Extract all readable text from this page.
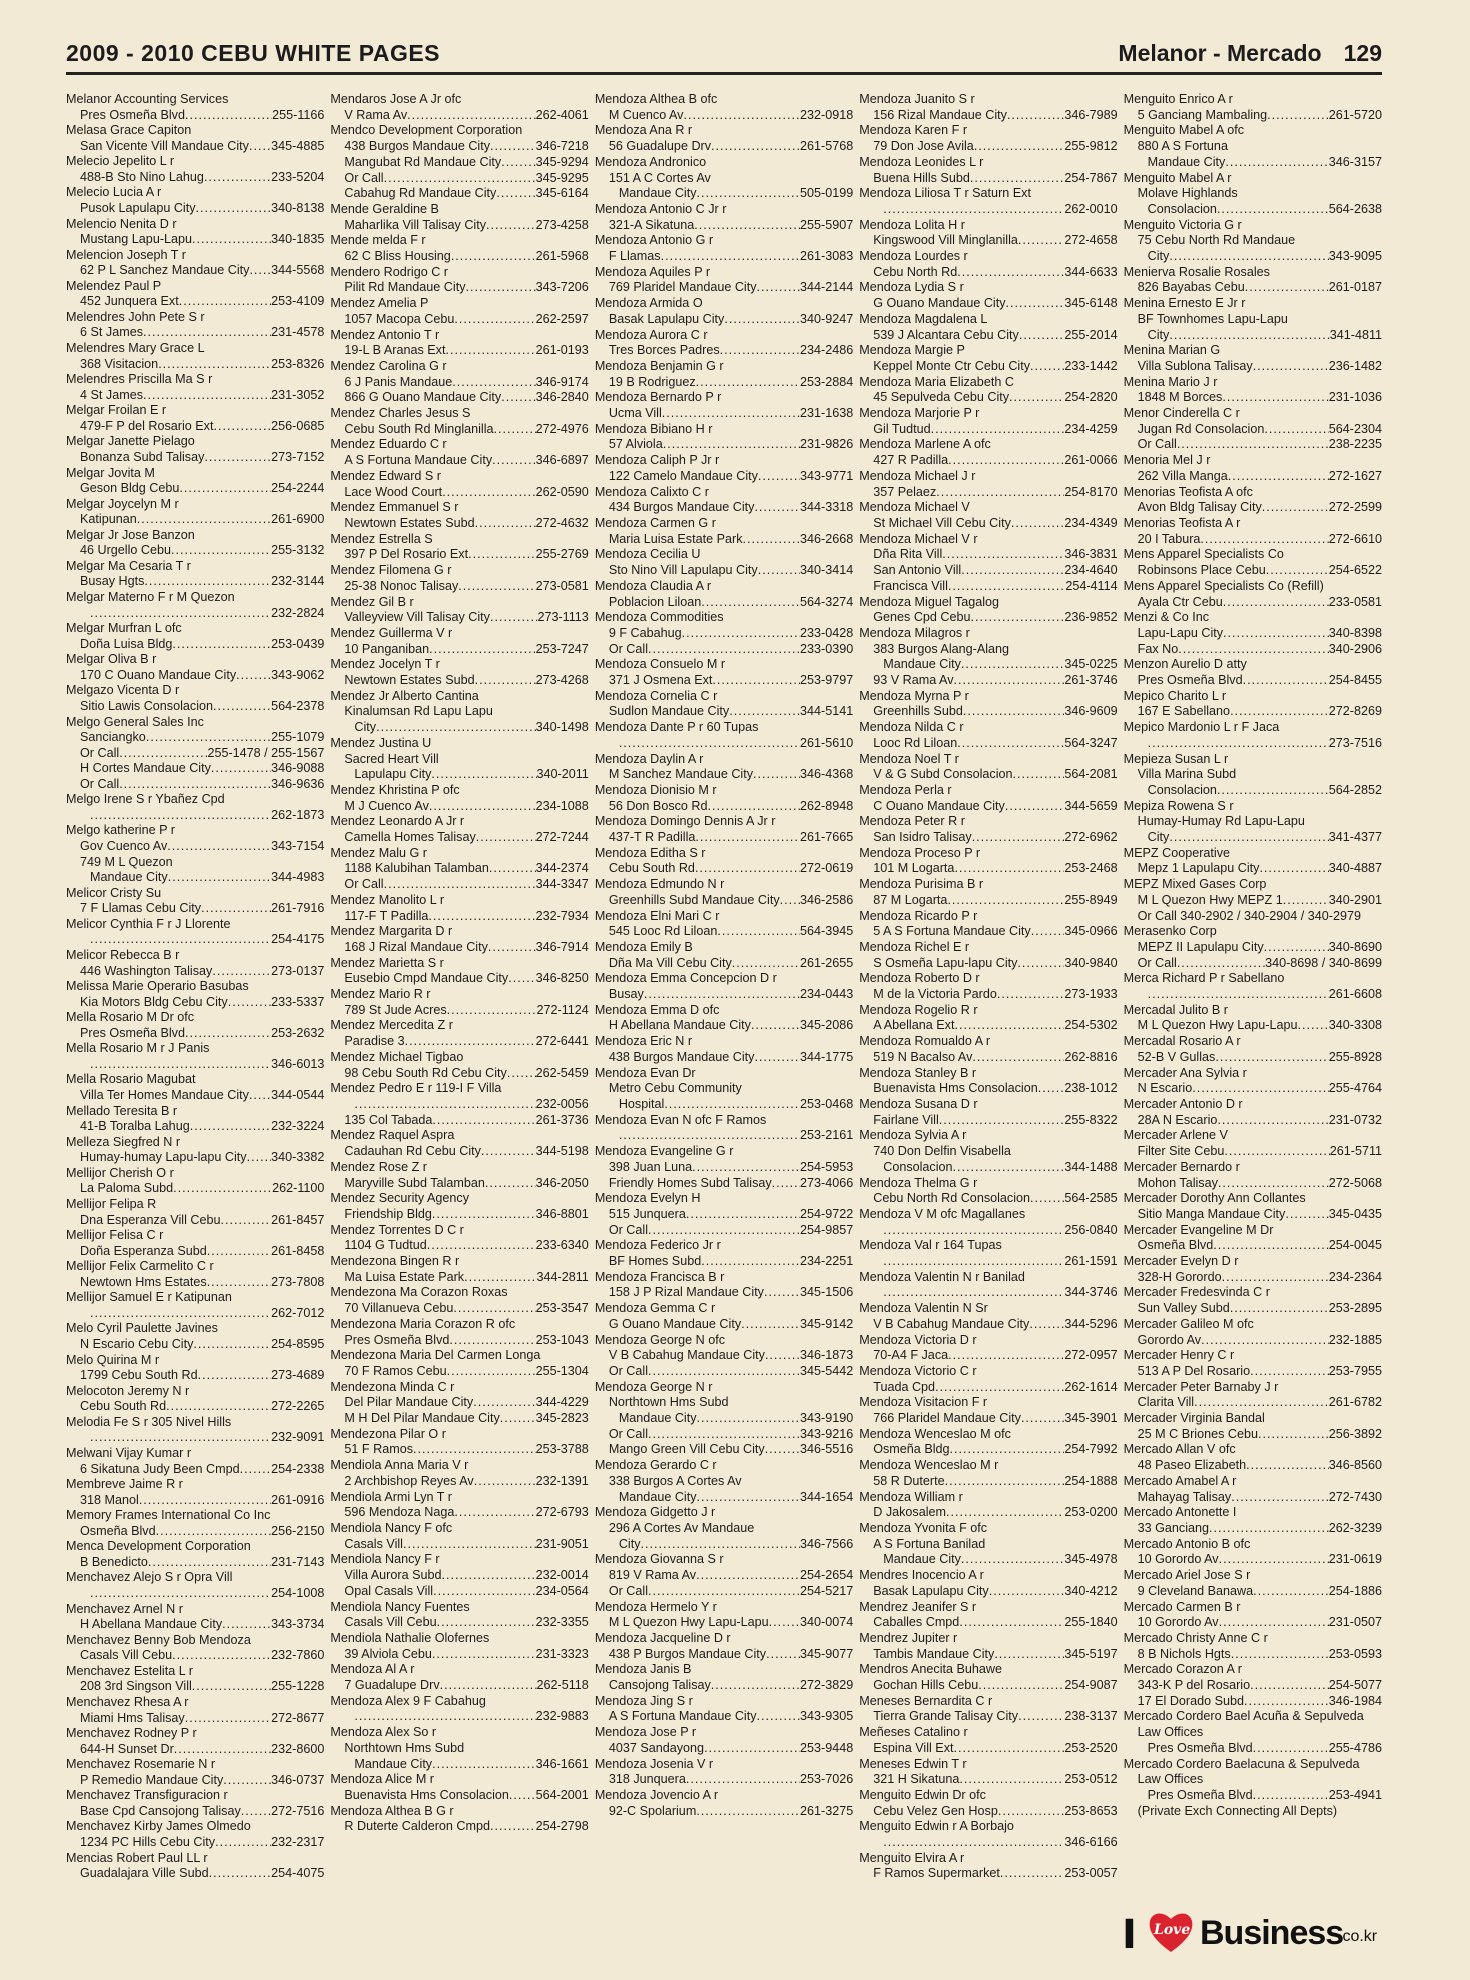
2009 - 2010 CEBU WHITE PAGES	Melanor - Mercado 129
Melanor Accounting Services
Pres Osmeña Blvd .....	255-1166
Melasa Grace Capiton
San Vicente Vill Mandaue City ..... 345-4885
Melecio Jepelito L r
488-B Sto Nino Lahug .....	233-5204
Melecio Lucia A r
Pusok Lapulapu City .....	340-8138
Melencio Nenita D r
Mustang Lapu-Lapu .....	340-1835
Melencion Joseph T r
62 P L Sanchez Mandaue City ..... 344-5568
Melendez Paul P
452 Junquera Ext .....	253-4109
Melendres John Pete S r
6 St James .....	231-4578
Melendres Mary Grace L
368 Visitacion .....	253-8326
Melendres Priscilla Ma S r
4 St James .....	231-3052
Melgar Froilan E r
479-F P del Rosario Ext .....	256-0685
Melgar Janette Pielago
Bonanza Subd Talisay .....	273-7152
Melgar Jovita M
Geson Bldg Cebu .....	254-2244
Melgar Joycelyn M r
Katipunan .....	261-6900
Melgar Jr Jose Banzon
46 Urgello Cebu .....	255-3132
Melgar Ma Cesaria T r
Busay Hgts .....	232-3144
Melgar Materno F r M Quezon
.....
232-2824
Melgar Murfran L ofc
Doña Luisa Bldg .....	253-0439
Melgar Oliva B r
170 C Ouano Mandaue City .....	343-9062
Melgazo Vicenta D r
Sitio Lawis Consolacion .....	564-2378
Melgo General Sales Inc
Sanciangko .....	255-1079
Or Call .....	255-1478 / 255-1567
H Cortes Mandaue City .....	346-9088
Or Call .....	346-9636
Melgo Irene S r Ybañez Cpd
.....
262-1873
Melgo katherine P r
Gov Cuenco Av .....	343-7154
749 M L Quezon
Mandaue City .....	344-4983
Melicor Cristy Su
7 F Llamas Cebu City .....	261-7916
Melicor Cynthia F r J Llorente
.....
254-4175
Melicor Rebecca B r
446 Washington Talisay .....	273-0137
Melissa Marie Operario Basubas
Kia Motors Bldg Cebu City .....	233-5337
Mella Rosario M Dr ofc
Pres Osmeña Blvd .....	253-2632
Mella Rosario M r J Panis
.....
346-6013
Mella Rosario Magubat
Villa Ter Homes Mandaue City ..... 344-0544
Mellado Teresita B r
41-B Toralba Lahug .....	232-3224
Melleza Siegfred N r
Humay-humay Lapu-lapu City ..... 340-3382
Mellijor Cherish O r
La Paloma Subd .....	262-1100
Mellijor Felipa R
Dna Esperanza Vill Cebu .....	261-8457
Mellijor Felisa C r
Doña Esperanza Subd .....	261-8458
Mellijor Felix Carmelito C r
Newtown Hms Estates .....	273-7808
Mellijor Samuel E r Katipunan
.....
262-7012
Melo Cyril Paulette Javines
N Escario Cebu City .....	254-8595
Melo Quirina M r
1799 Cebu South Rd .....	273-4689
Melocoton Jeremy N r
Cebu South Rd .....	272-2265
Melodia Fe S r 305 Nivel Hills
.....
232-9091
Melwani Vijay Kumar r
6 Sikatuna Judy Been Cmpd .....	254-2338
Membreve Jaime R r
318 Manol .....	261-0916
Memory Frames International Co Inc
Osmeña Blvd .....	256-2150
Menca Development Corporation
B Benedicto .....	231-7143
Menchavez Alejo S r Opra Vill
.....
254-1008
Menchavez Arnel N r
H Abellana Mandaue City .....	343-3734
Menchavez Benny Bob Mendoza
Casals Vill Cebu .....	232-7860
Menchavez Estelita L r
208 3rd Singson Vill .....	255-1228
Menchavez Rhesa A r
Miami Hms Talisay .....	272-8677
Menchavez Rodney P r
644-H Sunset Dr .....	232-8600
Menchavez Rosemarie N r
P Remedio Mandaue City .....	346-0737
Menchavez Transfiguracion r
Base Cpd Cansojong Talisay ..... 272-7516
Menchavez Kirby James Olmedo
1234 PC Hills Cebu City .....	232-2317
Mencias Robert Paul LL r
Guadalajara Ville Subd .....	254-4075
Mendaros Jose A Jr ofc
V Rama Av .....	262-4061
Mendco Development Corporation
438 Burgos Mandaue City .....	346-7218
Mangubat Rd Mandaue City .....	345-9294
Or Call .....	345-9295
Cabahug Rd Mandaue City .....	345-6164
Mende Geraldine B
Maharlika Vill Talisay City .....	273-4258
Mende melda F r
62 C Bliss Housing .....	261-5968
Mendero Rodrigo C r
Pilit Rd Mandaue City .....	343-7206
Mendez Amelia P
1057 Macopa Cebu .....	262-2597
Mendez Antonio T r
19-L B Aranas Ext .....	261-0193
Mendez Carolina G r
6 J Panis Mandaue .....	346-9174
866 G Ouano Mandaue City .....	346-2840
Mendez Charles Jesus S
Cebu South Rd Minglanilla .....	272-4976
Mendez Eduardo C r
A S Fortuna Mandaue City .....	346-6897
Mendez Edward S r
Lace Wood Court .....	262-0590
Mendez Emmanuel S r
Newtown Estates Subd .....	272-4632
Mendez Estrella S
397 P Del Rosario Ext .....	255-2769
Mendez Filomena G r
25-38 Nonoc Talisay .....	273-0581
Mendez Gil B r
Valleyview Vill Talisay City .....	273-1113
Mendez Guillerma V r
10 Panganiban .....	253-7247
Mendez Jocelyn T r
Newtown Estates Subd .....	273-4268
Mendez Jr Alberto Cantina
Kinalumsan Rd Lapu Lapu
City .....	340-1498
Mendez Justina U
Sacred Heart Vill
Lapulapu City .....	340-2011
Mendez Khristina P ofc
M J Cuenco Av .....	234-1088
Mendez Leonardo A Jr r
Camella Homes Talisay .....	272-7244
Mendez Malu G r
1188 Kalubihan Talamban .....	344-2374
Or Call .....	344-3347
Mendez Manolito L r
117-F T Padilla .....	232-7934
Mendez Margarita D r
168 J Rizal Mandaue City .....	346-7914
Mendez Marietta S r
Eusebio Cmpd Mandaue City ..... 346-8250
Mendez Mario R r
789 St Jude Acres .....	272-1124
Mendez Mercedita Z r
Paradise 3 .....	272-6441
Mendez Michael Tigbao
98 Cebu South Rd Cebu City ..... 262-5459
Mendez Pedro E r 119-I F Villa
.....
232-0056
135 Col Tabada .....	261-3736
Mendez Raquel Aspra
Cadauhan Rd Cebu City .....	344-5198
Mendez Rose Z r
Maryville Subd Talamban .....	346-2050
Mendez Security Agency
Friendship Bldg .....	346-8801
Mendez Torrentes D C r
1104 G Tudtud .....	233-6340
Mendezona Bingen R r
Ma Luisa Estate Park .....	344-2811
Mendezona Ma Corazon Roxas
70 Villanueva Cebu .....	253-3547
Mendezona Maria Corazon R ofc
Pres Osmeña Blvd .....	253-1043
Mendezona Maria Del Carmen Longa
70 F Ramos Cebu .....	255-1304
Mendezona Minda C r
Del Pilar Mandaue City .....	344-4229
M H Del Pilar Mandaue City .....	345-2823
Mendezona Pilar O r
51 F Ramos .....	253-3788
Mendiola Anna Maria V r
2 Archbishop Reyes Av .....	232-1391
Mendiola Armi Lyn T r
596 Mendoza Naga .....	272-6793
Mendiola Nancy F ofc
Casals Vill .....	231-9051
Mendiola Nancy F r
Villa Aurora Subd .....	232-0014
Opal Casals Vill .....	234-0564
Mendiola Nancy Fuentes
Casals Vill Cebu .....	232-3355
Mendiola Nathalie Olofernes
39 Alviola Cebu .....	231-3323
Mendoza Al A r
7 Guadalupe Drv .....	262-5118
Mendoza Alex 9 F Cabahug
.....
232-9883
Mendoza Alex So r
Northtown Hms Subd
Mandaue City .....	346-1661
Mendoza Alice M r
Buenavista Hms Consolacion ..... 564-2001
Mendoza Althea B G r
R Duterte Calderon Cmpd .....	254-2798
Mendoza Althea B ofc
M Cuenco Av .....	232-0918
Mendoza Ana R r
56 Guadalupe Drv .....	261-5768
Mendoza Andronico
151 A C Cortes Av
Mandaue City .....	505-0199
Mendoza Antonio C Jr r
321-A Sikatuna .....	255-5907
Mendoza Antonio G r
F Llamas .....	261-3083
Mendoza Aquiles P r
769 Plaridel Mandaue City .....	344-2144
Mendoza Armida O
Basak Lapulapu City .....	340-9247
Mendoza Aurora C r
Tres Borces Padres .....	234-2486
Mendoza Benjamin G r
19 B Rodriguez .....	253-2884
Mendoza Bernardo P r
Ucma Vill .....	231-1638
Mendoza Bibiano H r
57 Alviola .....	231-9826
Mendoza Caliph P Jr r
122 Camelo Mandaue City .....	343-9771
Mendoza Calixto C r
434 Burgos Mandaue City .....	344-3318
Mendoza Carmen G r
Maria Luisa Estate Park .....	346-2668
Mendoza Cecilia U
Sto Nino Vill Lapulapu City .....	340-3414
Mendoza Claudia A r
Poblacion Liloan .....	564-3274
Mendoza Commodities
9 F Cabahug .....	233-0428
Or Call .....	233-0390
Mendoza Consuelo M r
371 J Osmena Ext .....	253-9797
Mendoza Cornelia C r
Sudlon Mandaue City .....	344-5141
Mendoza Dante P r 60 Tupas
.....
261-5610
Mendoza Daylin A r
M Sanchez Mandaue City .....	346-4368
Mendoza Dionisio M r
56 Don Bosco Rd .....	262-8948
Mendoza Domingo Dennis A Jr r
437-T R Padilla .....	261-7665
Mendoza Editha S r
Cebu South Rd .....	272-0619
Mendoza Edmundo N r
Greenhills Subd Mandaue City ..... 346-2586
Mendoza Elni Mari C r
545 Looc Rd Liloan .....	564-3945
Mendoza Emily B
Dña Ma Vill Cebu City .....	261-2655
Mendoza Emma Concepcion D r
Busay .....	234-0443
Mendoza Emma D ofc
H Abellana Mandaue City .....	345-2086
Mendoza Eric N r
438 Burgos Mandaue City .....	344-1775
Mendoza Evan Dr
Metro Cebu Community
Hospital .....	253-0468
Mendoza Evan N ofc F Ramos
.....
253-2161
Mendoza Evangeline G r
398 Juan Luna .....	254-5953
Friendly Homes Subd Talisay ..... 273-4066
Mendoza Evelyn H
515 Junquera .....	254-9722
Or Call .....	254-9857
Mendoza Federico Jr r
BF Homes Subd .....	234-2251
Mendoza Francisca B r
158 J P Rizal Mandaue City .....	345-1506
Mendoza Gemma C r
G Ouano Mandaue City .....	345-9142
Mendoza George N ofc
V B Cabahug Mandaue City .....	346-1873
Or Call .....	345-5442
Mendoza George N r
Northtown Hms Subd
Mandaue City .....	343-9190
Or Call .....	343-9216
Mango Green Vill Cebu City .....	346-5516
Mendoza Gerardo C r
338 Burgos A Cortes Av
Mandaue City .....	344-1654
Mendoza Gidgetto J r
296 A Cortes Av Mandaue
City .....	346-7566
Mendoza Giovanna S r
819 V Rama Av .....	254-2654
Or Call .....	254-5217
Mendoza Hermelo Y r
M L Quezon Hwy Lapu-Lapu ..... 340-0074
Mendoza Jacqueline D r
438 P Burgos Mandaue City .....	345-9077
Mendoza Janis B
Cansojong Talisay .....	272-3829
Mendoza Jing S r
A S Fortuna Mandaue City .....	343-9305
Mendoza Jose P r
4037 Sandayong .....	253-9448
Mendoza Josenia V r
318 Junquera .....	253-7026
Mendoza Jovencio A r
92-C Spolarium .....	261-3275
Mendoza Juanito S r
156 Rizal Mandaue City .....	346-7989
Mendoza Karen F r
79 Don Jose Avila .....	255-9812
Mendoza Leonides L r
Buena Hills Subd .....	254-7867
Mendoza Liliosa T r Saturn Ext
.....
262-0010
Mendoza Lolita H r
Kingswood Vill Minglanilla .....	272-4658
Mendoza Lourdes r
Cebu North Rd .....	344-6633
Mendoza Lydia S r
G Ouano Mandaue City .....	345-6148
Mendoza Magdalena L
539 J Alcantara Cebu City .....	255-2014
Mendoza Margie P
Keppel Monte Ctr Cebu City .....	233-1442
Mendoza Maria Elizabeth C
45 Sepulveda Cebu City .....	254-2820
Mendoza Marjorie P r
Gil Tudtud .....	234-4259
Mendoza Marlene A ofc
427 R Padilla .....	261-0066
Mendoza Michael J r
357 Pelaez .....	254-8170
Mendoza Michael V
St Michael Vill Cebu City .....	234-4349
Mendoza Michael V r
Dña Rita Vill .....	346-3831
San Antonio Vill .....	234-4640
Francisca Vill .....	254-4114
Mendoza Miguel Tagalog
Genes Cpd Cebu .....	236-9852
Mendoza Milagros r
383 Burgos Alang-Alang
Mandaue City .....	345-0225
93 V Rama Av .....	261-3746
Mendoza Myrna P r
Greenhills Subd .....	346-9609
Mendoza Nilda C r
Looc Rd Liloan .....	564-3247
Mendoza Noel T r
V & G Subd Consolacion .....	564-2081
Mendoza Perla r
C Ouano Mandaue City .....	344-5659
Mendoza Peter R r
San Isidro Talisay .....	272-6962
Mendoza Proceso P r
101 M Logarta .....	253-2468
Mendoza Purisima B r
87 M Logarta .....	255-8949
Mendoza Ricardo P r
5 A S Fortuna Mandaue City .....	345-0966
Mendoza Richel E r
S Osmeña Lapu-lapu City .....	340-9840
Mendoza Roberto D r
M de la Victoria Pardo .....	273-1933
Mendoza Rogelio R r
A Abellana Ext .....	254-5302
Mendoza Romualdo A r
519 N Bacalso Av .....	262-8816
Mendoza Stanley B r
Buenavista Hms Consolacion ..... 238-1012
Mendoza Susana D r
Fairlane Vill .....	255-8322
Mendoza Sylvia A r
740 Don Delfin Visabella
Consolacion .....	344-1488
Mendoza Thelma G r
Cebu North Rd Consolacion .....	564-2585
Mendoza V M ofc Magallanes
.....
256-0840
Mendoza Val r 164 Tupas
.....
261-1591
Mendoza Valentin N r Banilad
.....
344-3746
Mendoza Valentin N Sr
V B Cabahug Mandaue City .....	344-5296
Mendoza Victoria D r
70-A4 F Jaca .....	272-0957
Mendoza Victorio C r
Tuada Cpd .....	262-1614
Mendoza Visitacion F r
766 Plaridel Mandaue City .....	345-3901
Mendoza Wenceslao M ofc
Osmeña Bldg .....	254-7992
Mendoza Wenceslao M r
58 R Duterte .....	254-1888
Mendoza William r
D Jakosalem .....	253-0200
Mendoza Yvonita F ofc
A S Fortuna Banilad
Mandaue City .....	345-4978
Mendres Inocencio A r
Basak Lapulapu City .....	340-4212
Mendrez Jeanifer S r
Caballes Cmpd .....	255-1840
Mendrez Jupiter r
Tambis Mandaue City .....	345-5197
Mendros Anecita Buhawe
Gochan Hills Cebu .....	254-9087
Meneses Bernardita C r
Tierra Grande Talisay City .....	238-3137
Meñeses Catalino r
Espina Vill Ext .....	253-2520
Meneses Edwin T r
321 H Sikatuna .....	253-0512
Menguito Edwin Dr ofc
Cebu Velez Gen Hosp .....	253-8653
Menguito Edwin r A Borbajo
.....
346-6166
Menguito Elvira A r
F Ramos Supermarket .....	253-0057
Menguito Enrico A r
5 Ganciang Mambaling .....	261-5720
Menguito Mabel A ofc
880 A S Fortuna
Mandaue City .....	346-3157
Menguito Mabel A r
Molave Highlands
Consolacion .....	564-2638
Menguito Victoria G r
75 Cebu North Rd Mandaue
City .....	343-9095
Menierva Rosalie Rosales
826 Bayabas Cebu .....	261-0187
Menina Ernesto E Jr r
BF Townhomes Lapu-Lapu
City .....	341-4811
Menina Marian G
Villa Sublona Talisay .....	236-1482
Menina Mario J r
1848 M Borces .....	231-1036
Menor Cinderella C r
Jugan Rd Consolacion .....	564-2304
Or Call .....	238-2235
Menoria Mel J r
262 Villa Manga .....	272-1627
Menorias Teofista A ofc
Avon Bldg Talisay City .....	272-2599
Menorias Teofista A r
20 I Tabura .....	272-6610
Mens Apparel Specialists Co
Robinsons Place Cebu .....	254-6522
Mens Apparel Specialists Co (Refill)
Ayala Ctr Cebu .....	233-0581
Menzi & Co Inc
Lapu-Lapu City .....	340-8398
Fax No .....	340-2906
Menzon Aurelio D atty
Pres Osmeña Blvd .....	254-8455
Mepico Charito L r
167 E Sabellano .....	272-8269
Mepico Mardonio L r F Jaca
.....
273-7516
Mepieza Susan L r
Villa Marina Subd
Consolacion .....	564-2852
Mepiza Rowena S r
Humay-Humay Rd Lapu-Lapu
City .....	341-4377
MEPZ Cooperative
Mepz 1 Lapulapu City .....	340-4887
MEPZ Mixed Gases Corp
M L Quezon Hwy MEPZ 1 .....	340-2901
Or Call 340-2902 / 340-2904 / 340-2979
Merasenko Corp
MEPZ II Lapulapu City .....	340-8690
Or Call .....	340-8698 / 340-8699
Merca Richard P r Sabellano
.....
261-6608
Mercadal Julito B r
M L Quezon Hwy Lapu-Lapu ..... 340-3308
Mercadal Rosario A r
52-B V Gullas .....	255-8928
Mercader Ana Sylvia r
N Escario .....	255-4764
Mercader Antonio D r
28A N Escario .....	231-0732
Mercader Arlene V
Filter Site Cebu .....	261-5711
Mercader Bernardo r
Mohon Talisay .....	272-5068
Mercader Dorothy Ann Collantes
Sitio Manga Mandaue City .....	345-0435
Mercader Evangeline M Dr
Osmeña Blvd .....	254-0045
Mercader Evelyn D r
328-H Gorordo .....	234-2364
Mercader Fredesvinda C r
Sun Valley Subd .....	253-2895
Mercader Galileo M ofc
Gorordo Av .....	232-1885
Mercader Henry C r
513 A P Del Rosario .....	253-7955
Mercader Peter Barnaby J r
Clarita Vill .....	261-6782
Mercader Virginia Bandal
25 M C Briones Cebu .....	256-3892
Mercado Allan V ofc
48 Paseo Elizabeth .....	346-8560
Mercado Amabel A r
Mahayag Talisay .....	272-7430
Mercado Antonette I
33 Ganciang .....	262-3239
Mercado Antonio B ofc
10 Gorordo Av .....	231-0619
Mercado Ariel Jose S r
9 Cleveland Banawa .....	254-1886
Mercado Carmen B r
10 Gorordo Av .....	231-0507
Mercado Christy Anne C r
8 B Nichols Hgts .....	253-0593
Mercado Corazon A r
343-K P del Rosario .....	254-5077
17 El Dorado Subd .....	346-1984
Mercado Cordero Bael Acuña & Sepulveda
Law Offices
Pres Osmeña Blvd .....	255-4786
Mercado Cordero Baelacuna & Sepulveda
Law Offices
Pres Osmeña Blvd .....	253-4941
(Private Exch Connecting All Depts)
I Love Business
.co.kr
